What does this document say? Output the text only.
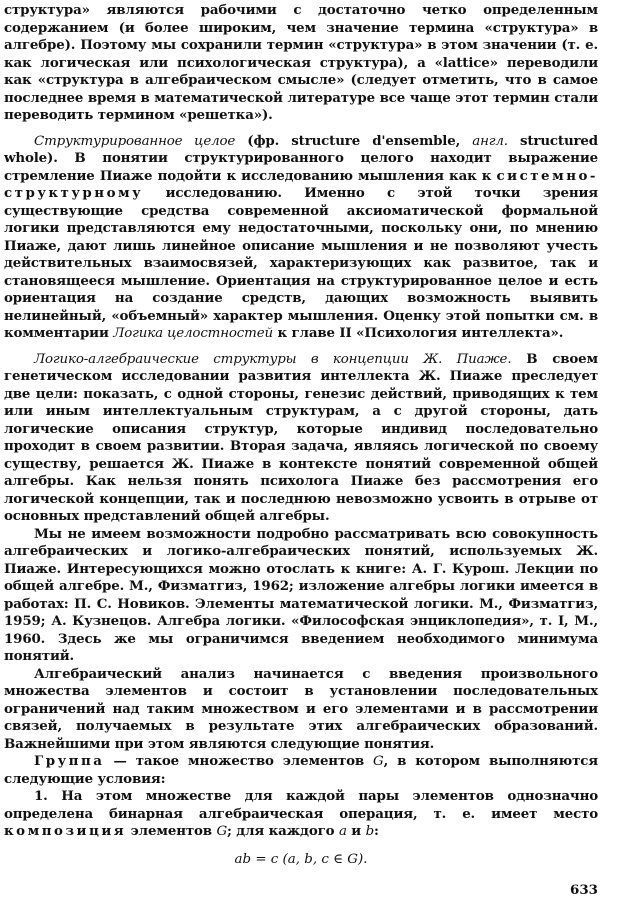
структура» являются рабочими с достаточно четко определенным содержанием (и более широким, чем значение термина «структура» в алгебре). Поэтому мы сохранили термин «структура» в этом значении (т. е. как логическая или психологическая структура), а «lattice» переводили как «структура в алгебраическом смысле» (следует отметить, что в самое последнее время в математической литературе все чаще этот термин стали переводить термином «решетка»).

Структурированное целое (фр. structure d'ensemble, англ. structured whole). В понятии структурированного целого находит выражение стремление Пиаже подойти к исследованию мышления как к системно-структурному исследованию. Именно с этой точки зрения существующие средства современной аксиоматической формальной логики представляются ему недостаточными, поскольку они, по мнению Пиаже, дают лишь линейное описание мышления и не позволяют учесть действительных взаимосвязей, характеризующих как развитое, так и становящееся мышление. Ориентация на структурированное целое и есть ориентация на создание средств, дающих возможность выявить нелинейный, «объемный» характер мышления. Оценку этой попытки см. в комментарии Логика целостностей к главе II «Психология интеллекта».

Логико-алгебраические структуры в концепции Ж. Пиаже. В своем генетическом исследовании развития интеллекта Ж. Пиаже преследует две цели: показать, с одной стороны, генезис действий, приводящих к тем или иным интеллектуальным структурам, а с другой стороны, дать логические описания структур, которые индивид последовательно проходит в своем развитии. Вторая задача, являясь логической по своему существу, решается Ж. Пиаже в контексте понятий современной общей алгебры. Как нельзя понять психолога Пиаже без рассмотрения его логической концепции, так и последнюю невозможно усвоить в отрыве от основных представлений общей алгебры.

Мы не имеем возможности подробно рассматривать всю совокупность алгебраических и логико-алгебраических понятий, используемых Ж. Пиаже. Интересующихся можно отослать к книге: А. Г. Курош. Лекции по общей алгебре. М., Физматгиз, 1962; изложение алгебры логики имеется в работах: П. С. Новиков. Элементы математической логики. М., Физматгиз, 1959; А. Кузнецов. Алгебра логики. «Философская энциклопедия», т. I, М., 1960. Здесь же мы ограничимся введением необходимого минимума понятий.

Алгебраический анализ начинается с введения произвольного множества элементов и состоит в установлении последовательных ограничений над таким множеством и его элементами и в рассмотрении связей, получаемых в результате этих алгебраических образований. Важнейшими при этом являются следующие понятия.

Группа — такое множество элементов G, в котором выполняются следующие условия:

1. На этом множестве для каждой пары элементов однозначно определена бинарная алгебраическая операция, т. е. имеет место композиция элементов G; для каждого a и b:

ab = c (a, b, c ∈ G).

633
